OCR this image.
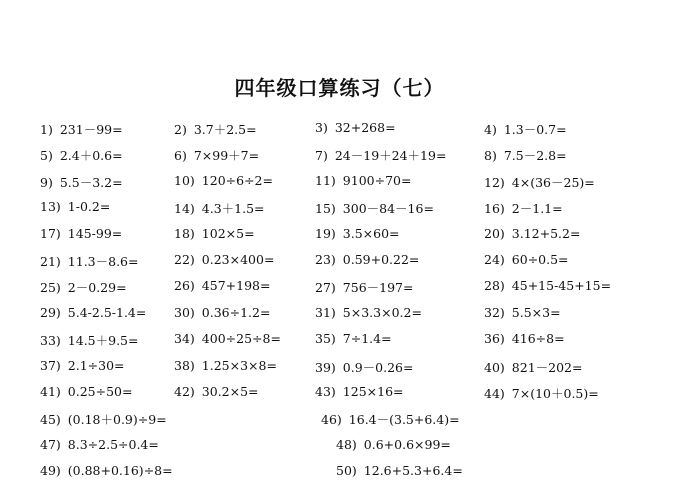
四年级口算练习（七）
1) 231－99=	2) 3.7＋2.5=	3) 32+268=	4) 1.3－0.7=
5) 2.4＋0.6=	6) 7×99＋7=	7) 24－19＋24＋19=	8) 7.5－2.8=
9) 5.5－3.2=	10) 120÷6÷2=	11) 9100÷70=	12) 4×(36－25)=
13) 1-0.2=	14) 4.3＋1.5=	15) 300－84－16=	16) 2－1.1=
17) 145-99=	18) 102×5=	19) 3.5×60=	20) 3.12+5.2=
21) 11.3－8.6=	22) 0.23×400=	23) 0.59+0.22=	24) 60÷0.5=
25) 2－0.29=	26) 457+198=	27) 756－197=	28) 45+15-45+15=
29) 5.4-2.5-1.4= 30) 0.36÷1.2=	31) 5×3.3×0.2=	32) 5.5×3=
33) 14.5＋9.5=	34) 400÷25÷8=	35) 7÷1.4=	36) 416÷8=
37) 2.1÷30=	38) 1.25×3×8=	39) 0.9－0.26=	40) 821－202=
41) 0.25÷50=	42) 30.2×5=	43) 125×16=	44) 7×(10＋0.5)=
45) (0.18＋0.9)÷9=	46) 16.4－(3.5+6.4)=
47) 8.3÷2.5÷0.4=	48) 0.6+0.6×99=
49) (0.88+0.16)÷8=	50) 12.6+5.3+6.4=
